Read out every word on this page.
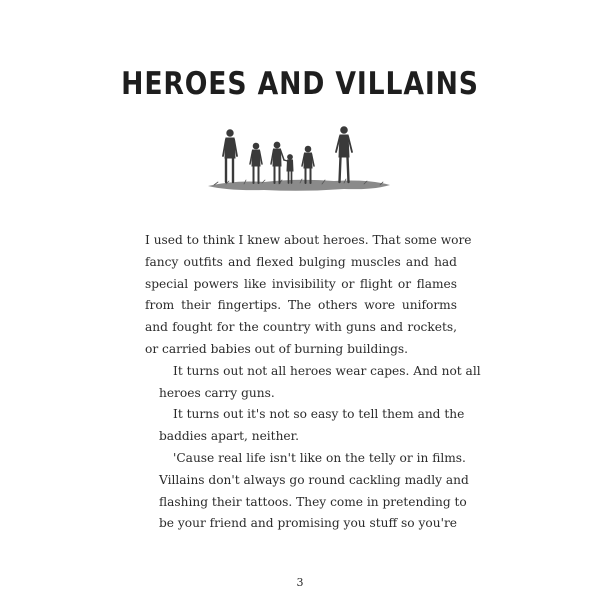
HEROES AND VILLAINS

I used to think I knew about heroes. That some wore
fancy outfits and flexed bulging muscles and had
special powers like invisibility or flight or flames
from their fingertips. The others wore uniforms
and fought for the country with guns and rockets,
or carried babies out of burning buildings.

It turns out not all heroes wear capes. And not all
heroes carry guns.

It turns out it's not so easy to tell them and the
baddies apart, neither.

'Cause real life isn't like on the telly or in films.
Villains don't always go round cackling madly and
flashing their tattoos. They come in pretending to
be your friend and promising you stuff so you're

3
